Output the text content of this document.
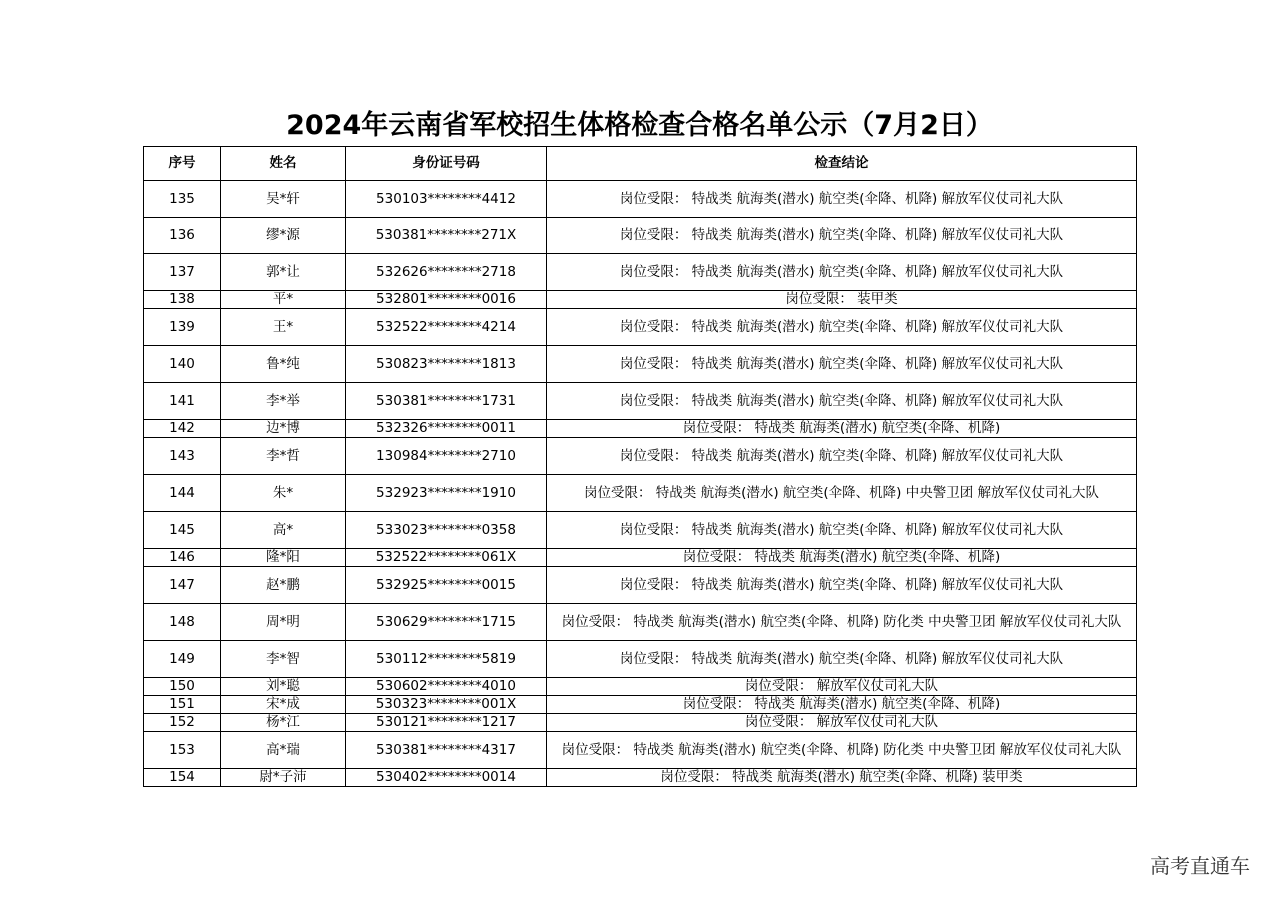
2024年云南省军校招生体格检查合格名单公示（7月2日）
序号	姓名	身份证号码	检查结论
135	吴*轩	530103********4412	岗位受限： 特战类 航海类(潜水) 航空类(伞降、机降) 解放军仪仗司礼大队
136	缪*源	530381********271X	岗位受限： 特战类 航海类(潜水) 航空类(伞降、机降) 解放军仪仗司礼大队
137	郭*让	532626********2718	岗位受限： 特战类 航海类(潜水) 航空类(伞降、机降) 解放军仪仗司礼大队
138	平*	532801********0016	岗位受限： 装甲类
139	王*	532522********4214	岗位受限： 特战类 航海类(潜水) 航空类(伞降、机降) 解放军仪仗司礼大队
140	鲁*纯	530823********1813	岗位受限： 特战类 航海类(潜水) 航空类(伞降、机降) 解放军仪仗司礼大队
141	李*举	530381********1731	岗位受限： 特战类 航海类(潜水) 航空类(伞降、机降) 解放军仪仗司礼大队
142	边*博	532326********0011	岗位受限： 特战类 航海类(潜水) 航空类(伞降、机降)
143	李*哲	130984********2710	岗位受限： 特战类 航海类(潜水) 航空类(伞降、机降) 解放军仪仗司礼大队
144	朱*	532923********1910	岗位受限： 特战类 航海类(潜水) 航空类(伞降、机降) 中央警卫团 解放军仪仗司礼大队
145	高*	533023********0358	岗位受限： 特战类 航海类(潜水) 航空类(伞降、机降) 解放军仪仗司礼大队
146	隆*阳	532522********061X	岗位受限： 特战类 航海类(潜水) 航空类(伞降、机降)
147	赵*鹏	532925********0015	岗位受限： 特战类 航海类(潜水) 航空类(伞降、机降) 解放军仪仗司礼大队
148	周*明	530629********1715	岗位受限： 特战类 航海类(潜水) 航空类(伞降、机降) 防化类 中央警卫团 解放军仪仗司礼大队
149	李*智	530112********5819	岗位受限： 特战类 航海类(潜水) 航空类(伞降、机降) 解放军仪仗司礼大队
150	刘*聪	530602********4010	岗位受限： 解放军仪仗司礼大队
151	宋*成	530323********001X	岗位受限： 特战类 航海类(潜水) 航空类(伞降、机降)
152	杨*江	530121********1217	岗位受限： 解放军仪仗司礼大队
153	高*瑞	530381********4317	岗位受限： 特战类 航海类(潜水) 航空类(伞降、机降) 防化类 中央警卫团 解放军仪仗司礼大队
154	尉*子沛	530402********0014	岗位受限： 特战类 航海类(潜水) 航空类(伞降、机降) 装甲类
高考直通车
